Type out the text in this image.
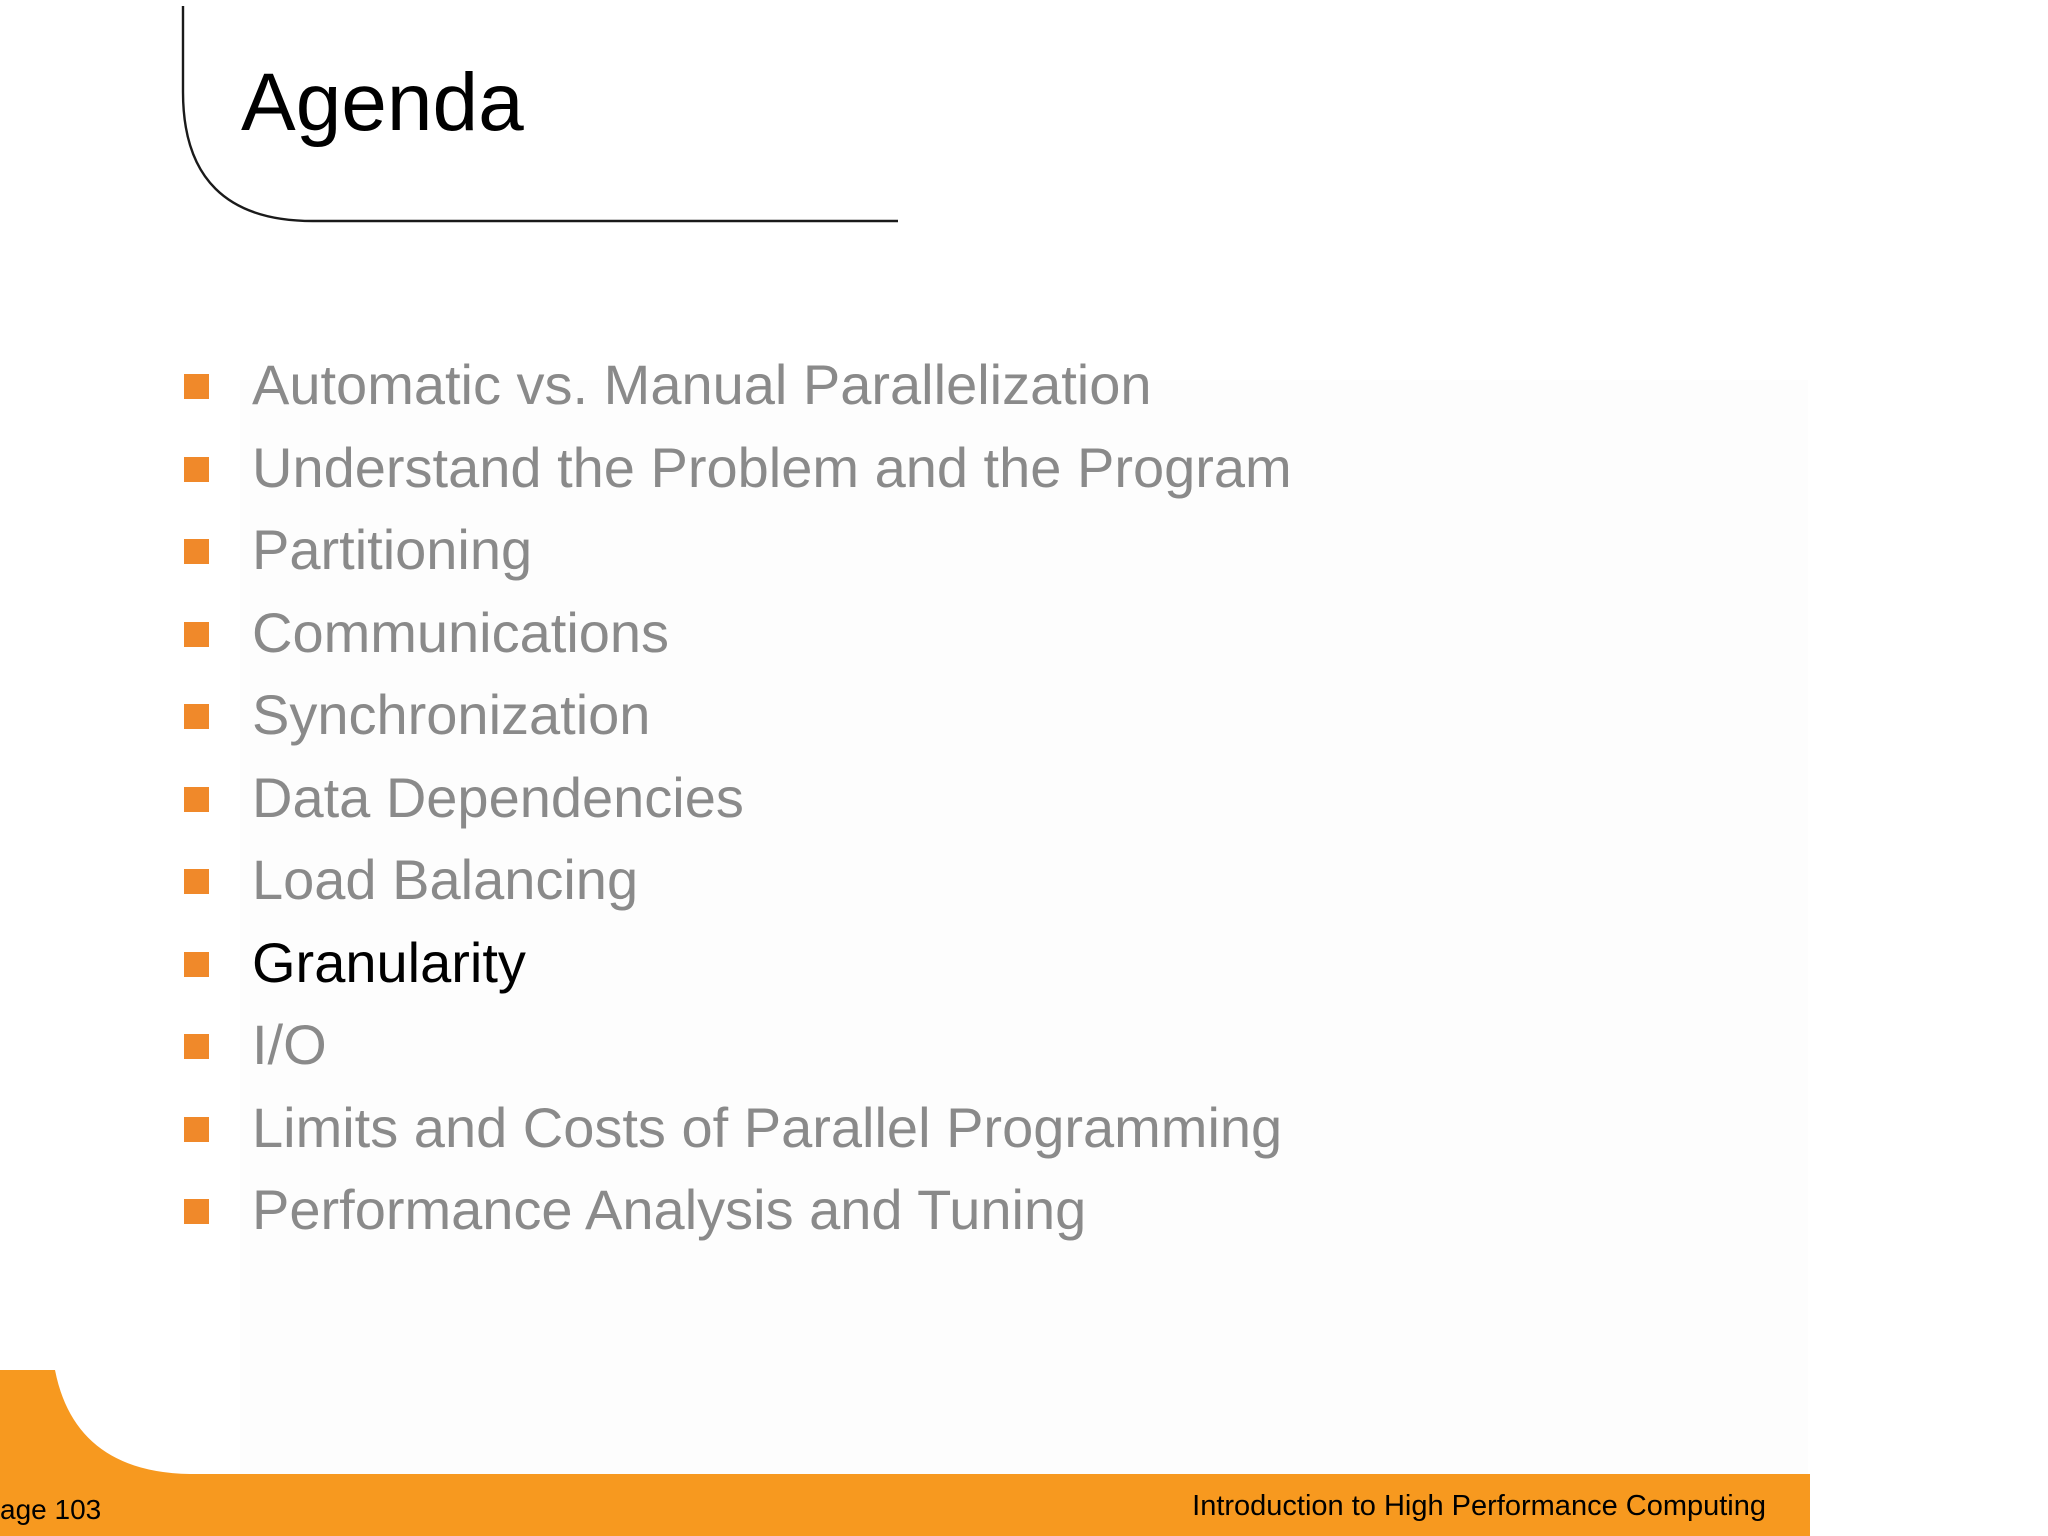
Agenda
Automatic vs. Manual Parallelization
Understand the Problem and the Program
Partitioning
Communications
Synchronization
Data Dependencies
Load Balancing
Granularity
I/O
Limits and Costs of Parallel Programming
Performance Analysis and Tuning
age 103	Introduction to High Performance Computing
